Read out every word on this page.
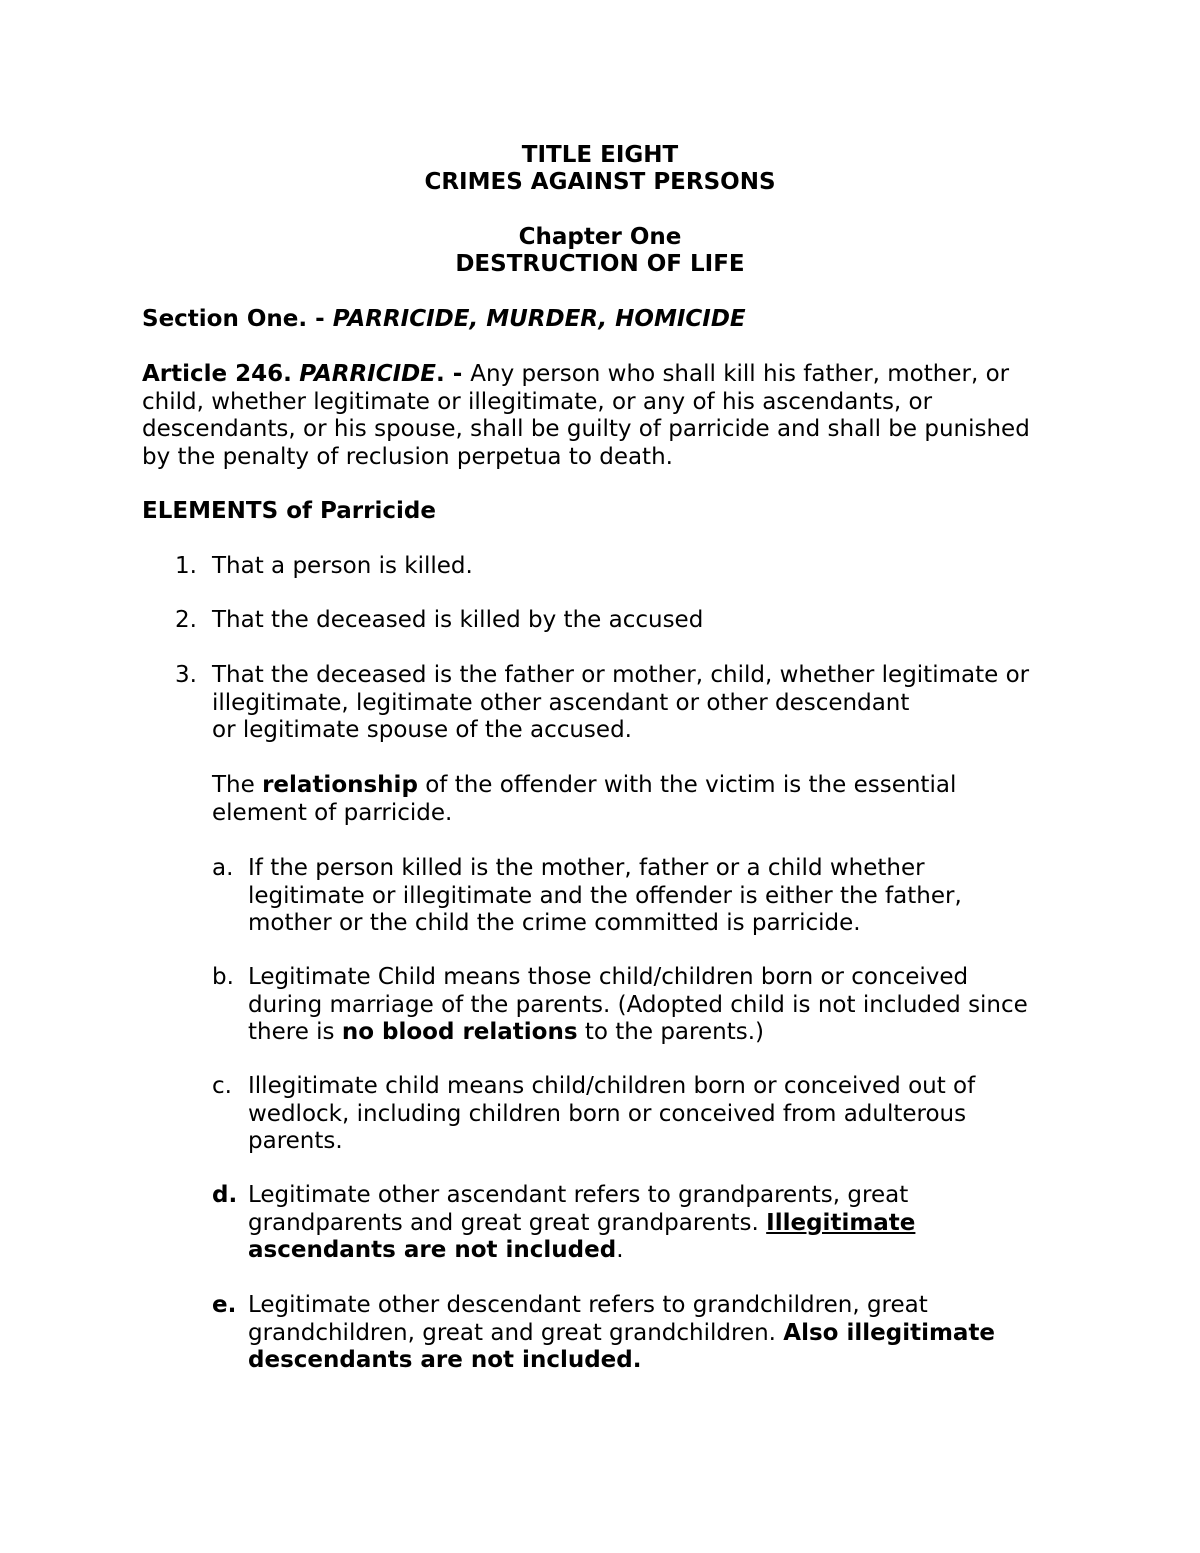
TITLE EIGHT
CRIMES AGAINST PERSONS
Chapter One
DESTRUCTION OF LIFE
Section One. - PARRICIDE, MURDER, HOMICIDE
Article 246. PARRICIDE. - Any person who shall kill his father, mother, or
child, whether legitimate or illegitimate, or any of his ascendants, or
descendants, or his spouse, shall be guilty of parricide and shall be punished
by the penalty of reclusion perpetua to death.
ELEMENTS of Parricide
1. That a person is killed.
2. That the deceased is killed by the accused
3. That the deceased is the father or mother, child, whether legitimate or
illegitimate, legitimate other ascendant or other descendant
or legitimate spouse of the accused.
The relationship of the offender with the victim is the essential
element of parricide.
a. If the person killed is the mother, father or a child whether
legitimate or illegitimate and the offender is either the father,
mother or the child the crime committed is parricide.
b. Legitimate Child means those child/children born or conceived
during marriage of the parents. (Adopted child is not included since
there is no blood relations to the parents.)
c. Illegitimate child means child/children born or conceived out of
wedlock, including children born or conceived from adulterous
parents.
d. Legitimate other ascendant refers to grandparents, great
grandparents and great great grandparents. Illegitimate
ascendants are not included.
e. Legitimate other descendant refers to grandchildren, great
grandchildren, great and great grandchildren. Also illegitimate
descendants are not included.
